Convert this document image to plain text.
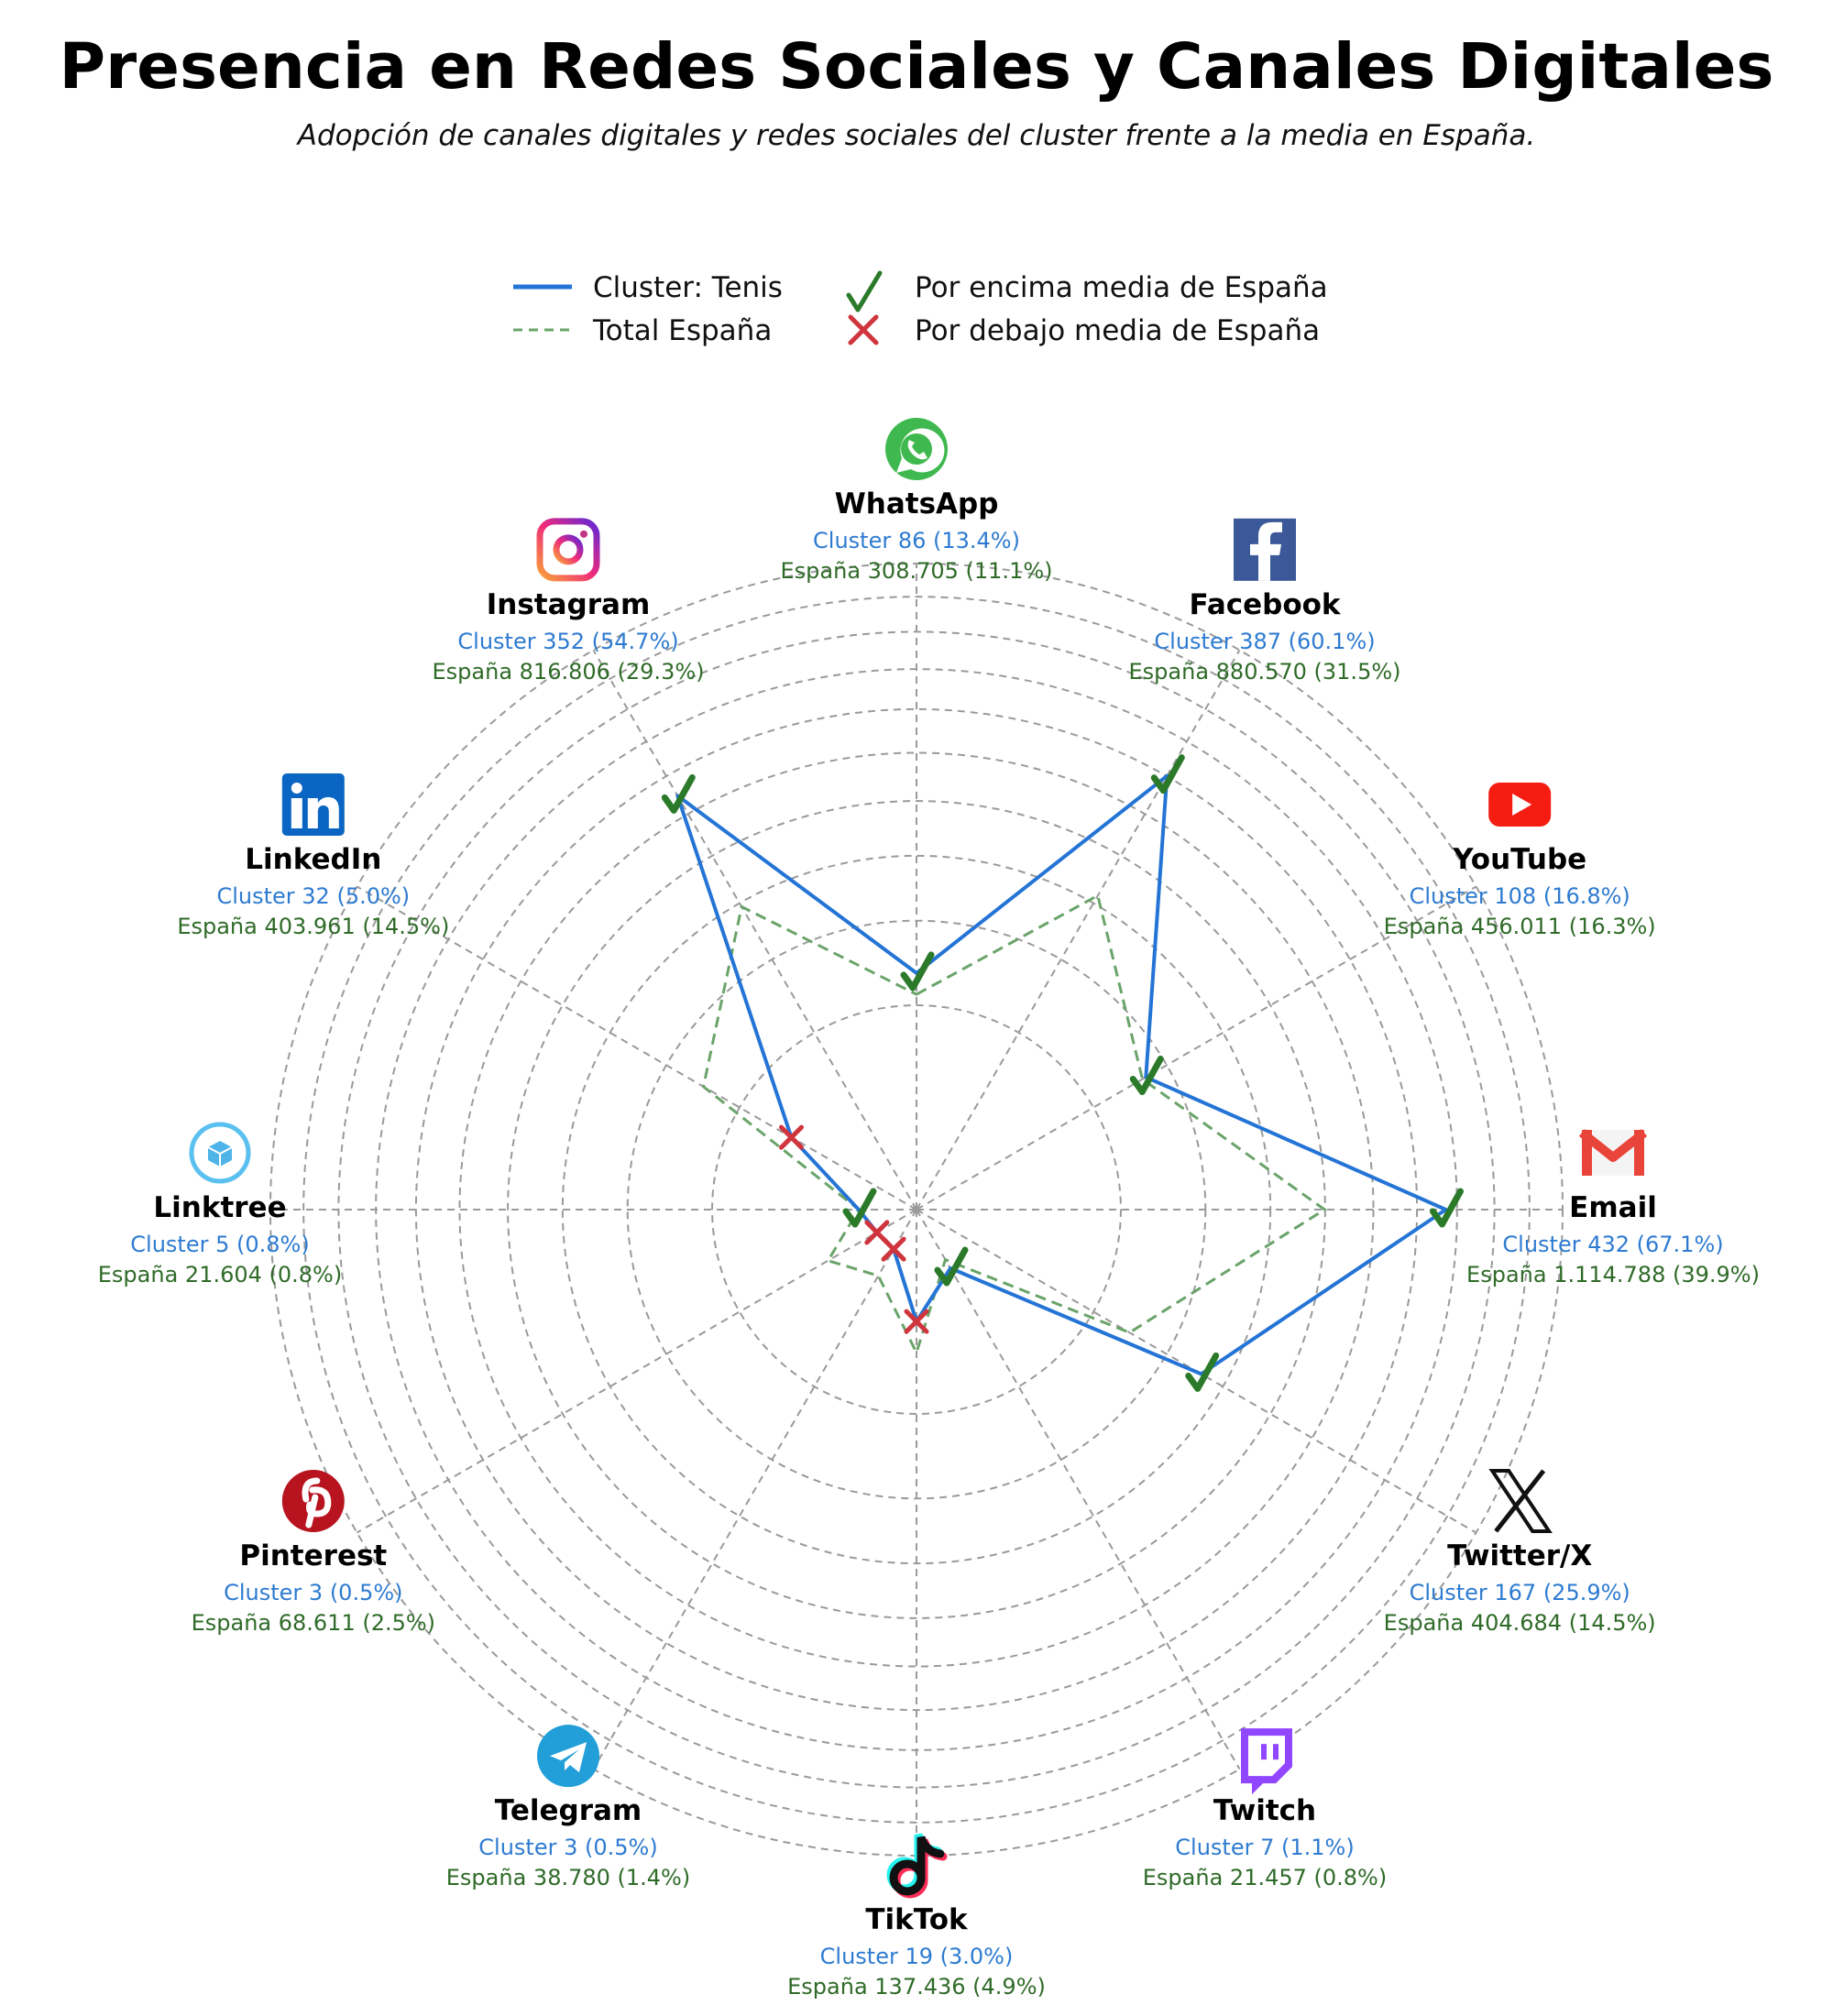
Presencia en Redes Sociales y Canales Digitales
Adopción de canales digitales y redes sociales del cluster frente a la media en España.
Cluster: Tenis
Total España
Por encima media de España
Por debajo media de España
WhatsApp
Cluster 86 (13.4%)
España 308.705 (11.1%)
Facebook
Cluster 387 (60.1%)
España 880.570 (31.5%)
YouTube
Cluster 108 (16.8%)
España 456.011 (16.3%)
Email
Cluster 432 (67.1%)
España 1.114.788 (39.9%)
Twitter/X
Cluster 167 (25.9%)
España 404.684 (14.5%)
Twitch
Cluster 7 (1.1%)
España 21.457 (0.8%)
TikTok
Cluster 19 (3.0%)
España 137.436 (4.9%)
Telegram
Cluster 3 (0.5%)
España 38.780 (1.4%)
Pinterest
Cluster 3 (0.5%)
España 68.611 (2.5%)
Linktree
Cluster 5 (0.8%)
España 21.604 (0.8%)
LinkedIn
Cluster 32 (5.0%)
España 403.961 (14.5%)
Instagram
Cluster 352 (54.7%)
España 816.806 (29.3%)
